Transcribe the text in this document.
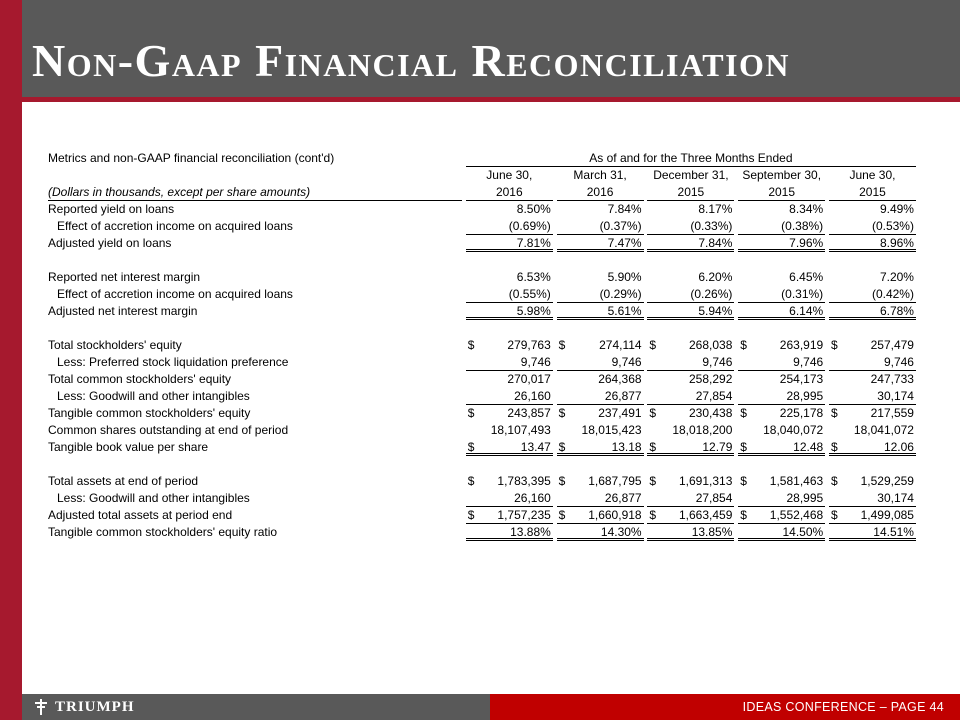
Non-Gaap Financial Reconciliation
Metrics and non-GAAP financial reconciliation (cont'd)	As of and for the Three Months Ended
June 30,	March 31,	December 31,	September 30,	June 30,
(Dollars in thousands, except per share amounts)	2016	2016	2015	2015	2015
Reported yield on loans	8.50%	7.84%	8.17%	8.34%	9.49%
Effect of accretion income on acquired loans	(0.69%)	(0.37%)	(0.33%)	(0.38%)	(0.53%)
Adjusted yield on loans	7.81%	7.47%	7.84%	7.96%	8.96%
Reported net interest margin	6.53%	5.90%	6.20%	6.45%	7.20%
Effect of accretion income on acquired loans	(0.55%)	(0.29%)	(0.26%)	(0.31%)	(0.42%)
Adjusted net interest margin	5.98%	5.61%	5.94%	6.14%	6.78%
Total stockholders' equity	$	279,763 $	274,114 $	268,038 $	263,919 $	257,479
Less: Preferred stock liquidation preference	9,746	9,746	9,746	9,746	9,746
Total common stockholders' equity	270,017	264,368	258,292	254,173	247,733
Less: Goodwill and other intangibles	26,160	26,877	27,854	28,995	30,174
Tangible common stockholders' equity	$	243,857 $	237,491 $	230,438 $	225,178 $	217,559
Common shares outstanding at end of period	18,107,493	18,015,423	18,018,200	18,040,072	18,041,072
Tangible book value per share	$	13.47 $	13.18 $	12.79 $	12.48 $	12.06
Total assets at end of period	$ 1,783,395 $ 1,687,795 $ 1,691,313 $ 1,581,463 $ 1,529,259
Less: Goodwill and other intangibles	26,160	26,877	27,854	28,995	30,174
Adjusted total assets at period end	$ 1,757,235 $ 1,660,918 $ 1,663,459 $ 1,552,468 $ 1,499,085
Tangible common stockholders' equity ratio	13.88%	14.30%	13.85%	14.50%	14.51%
TRIUMPH	IDEAS CONFERENCE – PAGE 44
